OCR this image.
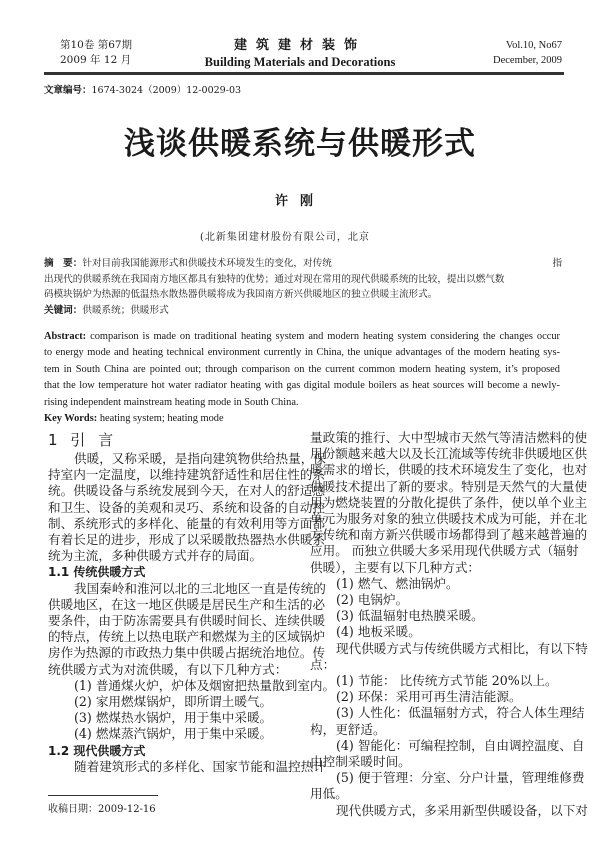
第10卷 第67期
2009 年 12 月
建筑建材装饰
Building Materials and Decorations
Vol.10, No67
December, 2009
文章编号：1674-3024（2009）12-0029-03
浅谈供暖系统与供暖形式
许刚
(北新集团建材股份有限公司，北京
摘　要：针对目前我国能源形式和供暖技术环境发生的变化，对传统　　　　　　　　　　　　　　　　　　　　　　　指
出现代的供暖系统在我国南方地区都具有独特的优势；通过对现在常用的现代供暖系统的比较，提出以燃气数
码模块锅炉为热源的低温热水散热器供暖将成为我国南方新兴供暖地区的独立供暖主流形式。
关键词：供暖系统；供暖形式
Abstract: comparison is made on traditional heating system and modern heating system considering the changes occur
to energy mode and heating technical environment currently in China, the unique advantages of the modern heating sys-
tem in South China are pointed out; through comparison on the current common modern heating system, it’s proposed
that the low temperature hot water radiator heating with gas digital module boilers as heat sources will become a newly-
rising independent mainstream heating mode in South China.
Key Words: heating system; heating mode
1 引 言
供暖，又称采暖，是指向建筑物供给热量，保
持室内一定温度，以维持建筑舒适性和居住性的系
统。供暖设备与系统发展到今天，在对人的舒适感
和卫生、设备的美观和灵巧、系统和设备的自动控
制、系统形式的多样化、能量的有效利用等方面都
有着长足的进步，形成了以采暖散热器热水供暖系
统为主流，多种供暖方式并存的局面。
1.1 传统供暖方式
我国秦岭和淮河以北的三北地区一直是传统的
供暖地区，在这一地区供暖是居民生产和生活的必
要条件，由于防冻需要具有供暖时间长、连续供暖
的特点，传统上以热电联产和燃煤为主的区域锅炉
房作为热源的市政热力集中供暖占据统治地位。传
统供暖方式为对流供暖，有以下几种方式：
(1) 普通煤火炉，炉体及烟窗把热量散到室内。
(2) 家用燃煤锅炉，即所谓土暖气。
(3) 燃煤热水锅炉，用于集中采暖。
(4) 燃煤蒸汽锅炉，用于集中采暖。
1.2 现代供暖方式
随着建筑形式的多样化、国家节能和温控热计
量政策的推行、大中型城市天然气等清洁燃料的使
用份额越来越大以及长江流域等传统非供暖地区供
暖需求的增长，供暖的技术环境发生了变化，也对
供暖技术提出了新的要求。特别是天然气的大量使
用为燃烧装置的分散化提供了条件，使以单个业主
单元为服务对象的独立供暖技术成为可能，并在北
方传统和南方新兴供暖市场都得到了越来越普遍的
应用。 而独立供暖大多采用现代供暖方式（辐射
供暖），主要有以下几种方式：
(1) 燃气、燃油锅炉。
(2) 电锅炉。
(3) 低温辐射电热膜采暖。
(4) 地板采暖。
现代供暖方式与传统供暖方式相比，有以下特
点：
(1) 节能： 比传统方式节能 20%以上。
(2) 环保：采用可再生清洁能源。
(3) 人性化：低温辐射方式，符合人体生理结
构，更舒适。
(4) 智能化：可编程控制，自由调控温度、自
由控制采暖时间。
(5) 便于管理：分室、分户计量，管理维修费
用低。
现代供暖方式，多采用新型供暖设备，以下对
收稿日期：2009-12-16
